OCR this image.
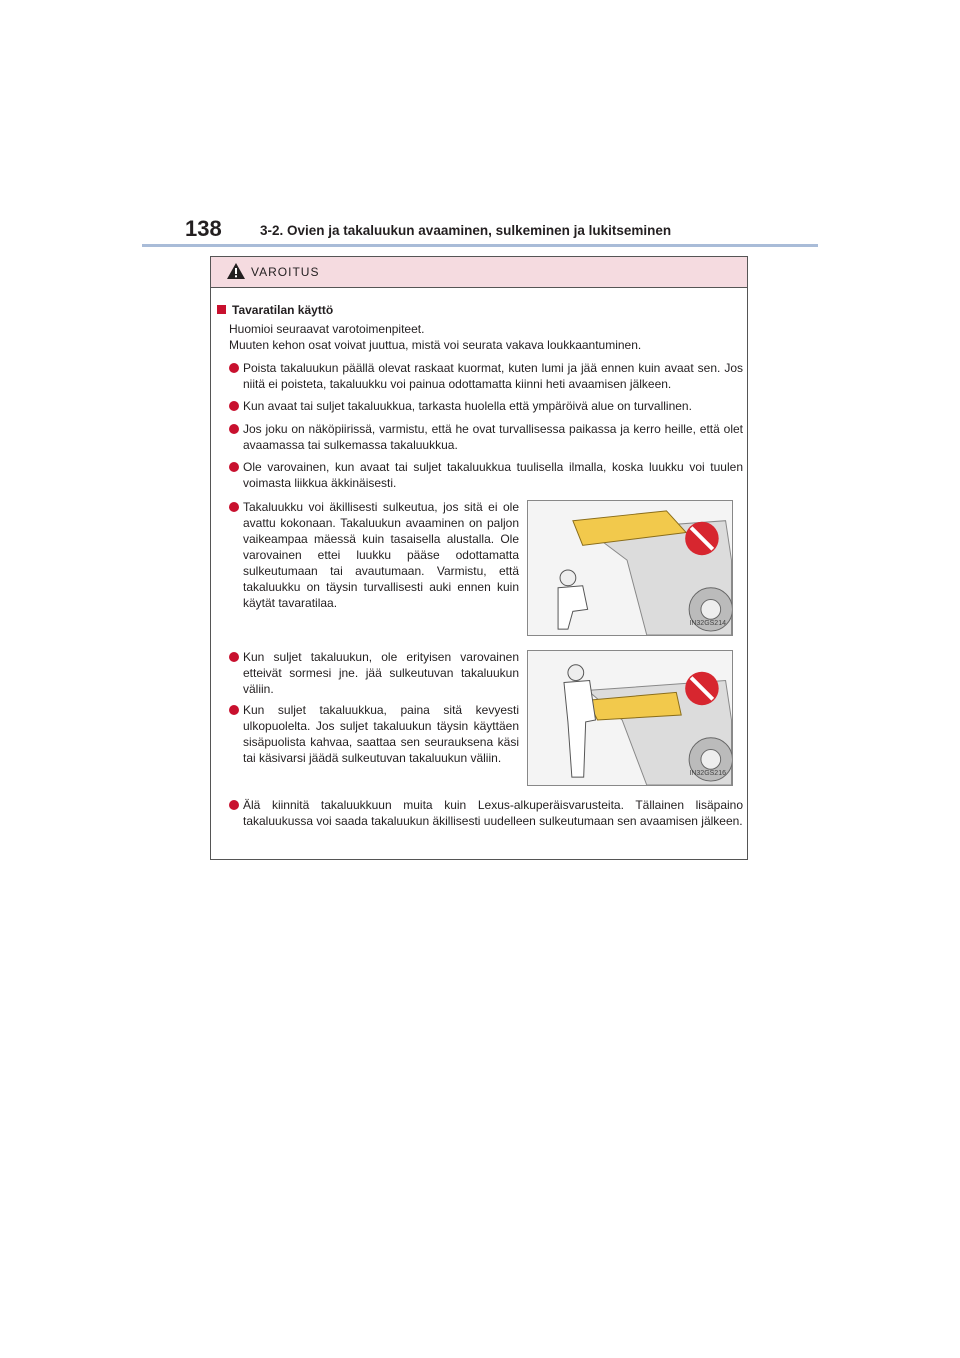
138	3-2. Ovien ja takaluukun avaaminen, sulkeminen ja lukitseminen
VAROITUS
Tavaratilan käyttö
Huomioi seuraavat varotoimenpiteet.
Muuten kehon osat voivat juuttua, mistä voi seurata vakava loukkaantuminen.
Poista takaluukun päällä olevat raskaat kuormat, kuten lumi ja jää ennen kuin avaat sen. Jos niitä ei poisteta, takaluukku voi painua odottamatta kiinni heti avaamisen jälkeen.
Kun avaat tai suljet takaluukkua, tarkasta huolella että ympäröivä alue on turvallinen.
Jos joku on näköpiirissä, varmistu, että he ovat turvallisessa paikassa ja kerro heille, että olet avaamassa tai sulkemassa takaluukkua.
Ole varovainen, kun avaat tai suljet takaluukkua tuulisella ilmalla, koska luukku voi tuulen voimasta liikkua äkkinäisesti.
Takaluukku voi äkillisesti sulkeutua, jos sitä ei ole avattu kokonaan. Takaluukun avaaminen on paljon vaikeampaa mäessä kuin tasaisella alustalla. Ole varovainen ettei luukku pääse odottamatta sulkeutumaan tai avautumaan. Varmistu, että takaluukku on täysin turvallisesti auki ennen kuin käytät tavaratilaa.
IN32GS214
Kun suljet takaluukun, ole erityisen varovainen etteivät sormesi jne. jää sulkeutuvan takaluukun väliin.
Kun suljet takaluukkua, paina sitä kevyesti ulkopuolelta. Jos suljet takaluukun täysin käyttäen sisäpuolista kahvaa, saattaa sen seurauksena käsi tai käsivarsi jäädä sulkeutuvan takaluukun väliin.
IN32GS216
Älä kiinnitä takaluukkuun muita kuin Lexus-alkuperäisvarusteita. Tällainen lisäpaino takaluukussa voi saada takaluukun äkillisesti uudelleen sulkeutumaan sen avaamisen jälkeen.
